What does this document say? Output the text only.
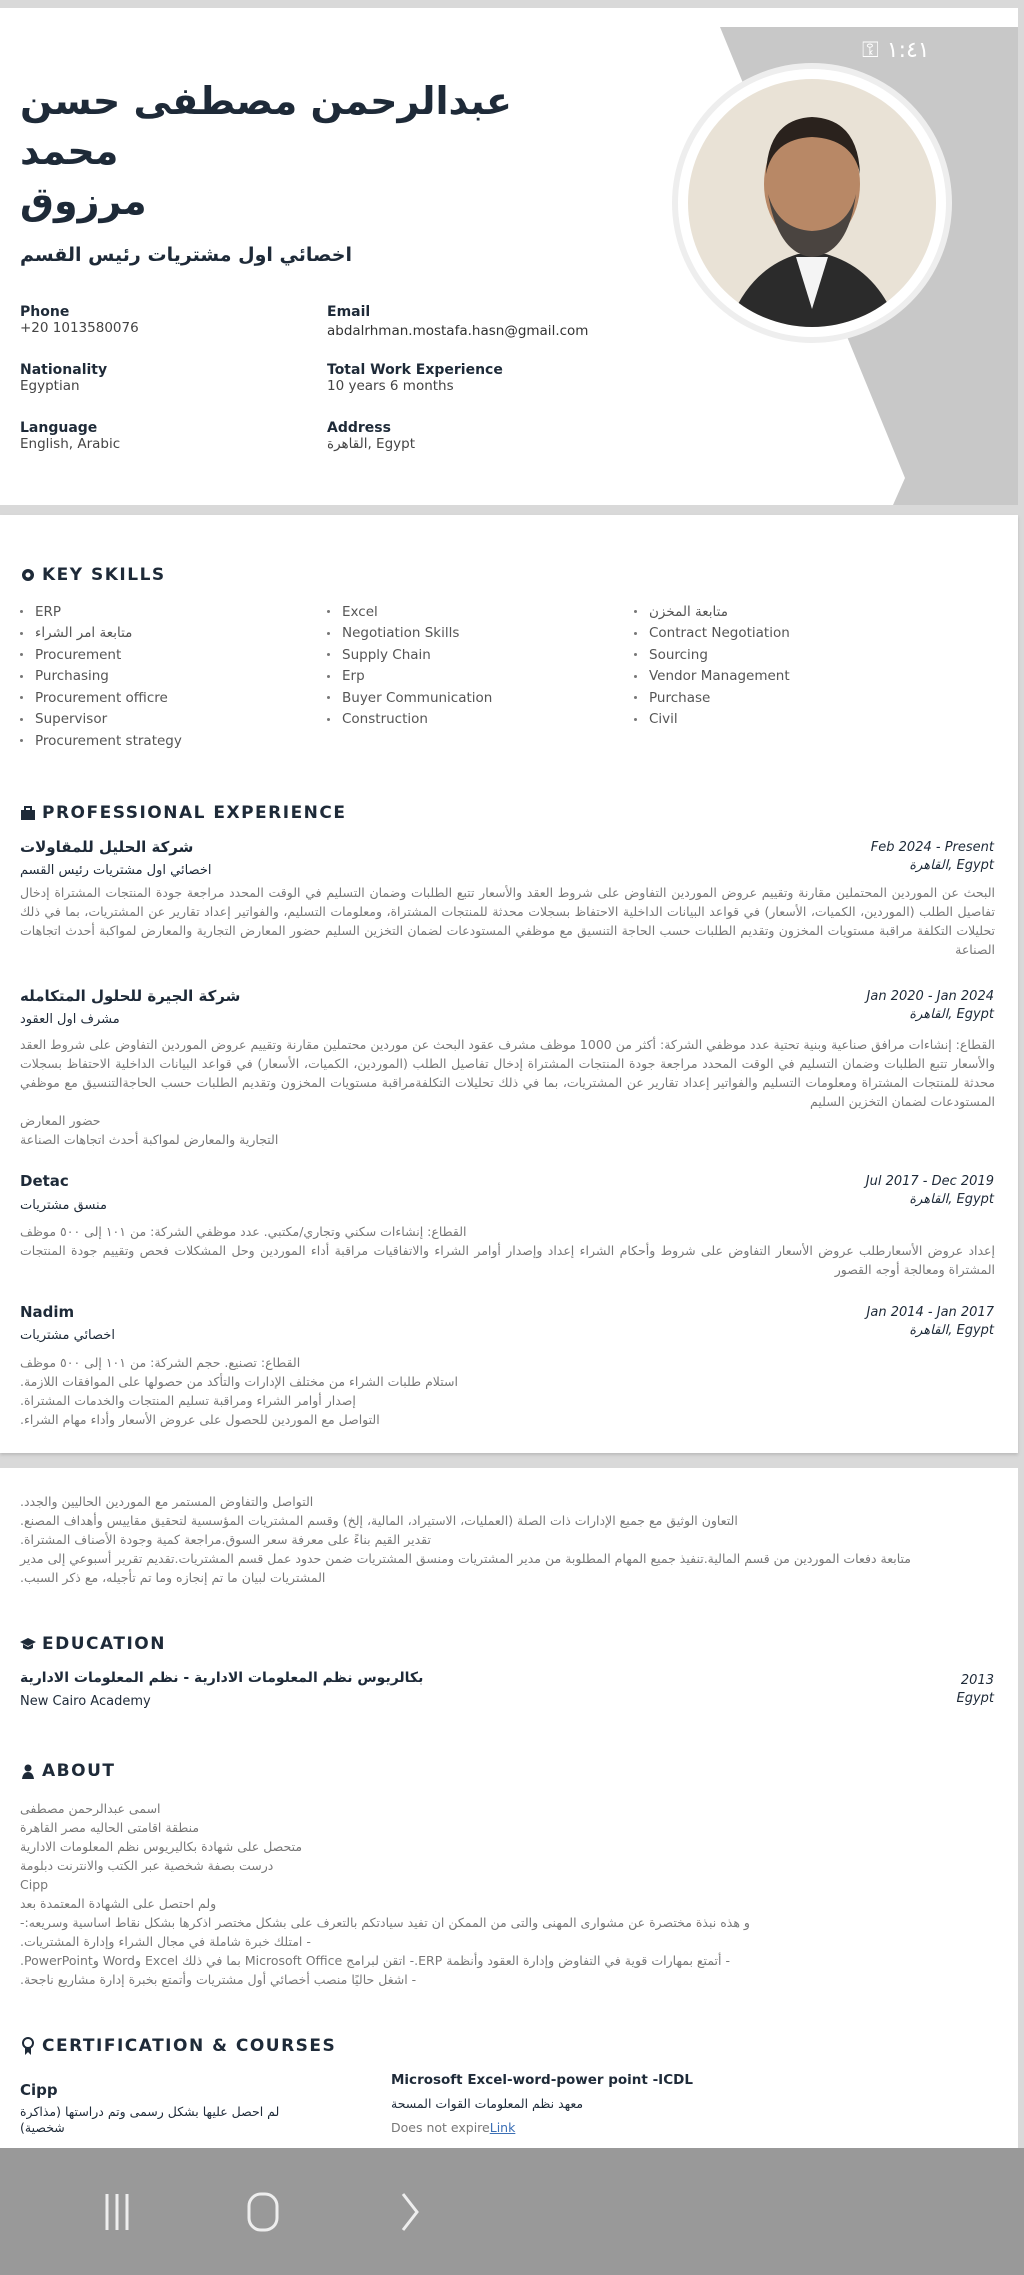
⚿ ١:٤١
عبدالرحمن مصطفى حسن
محمد
مرزوق
اخصائي اول مشتريات رئيس القسم
Phone
+20 1013580076
Email
abdalrhman.mostafa.hasn@gmail.com
Nationality
Egyptian
Total Work Experience
10 years 6 months
Language
English, Arabic
Address
القاهرة, Egypt
KEY SKILLS
ERP
متابعة امر الشراء
Procurement
Purchasing
Procurement officre
Supervisor
Procurement strategy
Excel
Negotiation Skills
Supply Chain
Erp
Buyer Communication
Construction
متابعة المخزن
Contract Negotiation
Sourcing
Vendor Management
Purchase
Civil
PROFESSIONAL EXPERIENCE
شركة الحليل للمقاولات
اخصائي اول مشتريات رئيس القسم
Feb 2024 - Present
القاهرة, Egypt
البحث عن الموردين المحتملين مقارنة وتقييم عروض الموردين التفاوض على شروط العقد والأسعار تتبع الطلبات وضمان التسليم في الوقت المحدد مراجعة جودة المنتجات المشتراة إدخال تفاصيل الطلب (الموردين، الكميات، الأسعار) في قواعد البيانات الداخلية الاحتفاظ بسجلات محدثة للمنتجات المشتراة، ومعلومات التسليم، والفواتير إعداد تقارير عن المشتريات، بما في ذلك تحليلات التكلفة مراقبة مستويات المخزون وتقديم الطلبات حسب الحاجة التنسيق مع موظفي المستودعات لضمان التخزين السليم حضور المعارض التجارية والمعارض لمواكبة أحدث اتجاهات الصناعة
شركة الجيرة للحلول المتكامله
مشرف اول العقود
Jan 2020 - Jan 2024
القاهرة, Egypt
القطاع: إنشاءات مرافق صناعية وبنية تحتية عدد موظفي الشركة: أكثر من 1000 موظف مشرف عقود البحث عن موردين محتملين مقارنة وتقييم عروض الموردين التفاوض على شروط العقد والأسعار تتبع الطلبات وضمان التسليم في الوقت المحدد مراجعة جودة المنتجات المشتراة إدخال تفاصيل الطلب (الموردين، الكميات، الأسعار) في قواعد البيانات الداخلية الاحتفاظ بسجلات محدثة للمنتجات المشتراة ومعلومات التسليم والفواتير إعداد تقارير عن المشتريات، بما في ذلك تحليلات التكلفةمراقبة مستويات المخزون وتقديم الطلبات حسب الحاجةالتنسيق مع موظفي المستودعات لضمان التخزين السليم
حضور المعارض
التجارية والمعارض لمواكبة أحدث اتجاهات الصناعة
Detac
منسق مشتريات
Jul 2017 - Dec 2019
القاهرة, Egypt
القطاع: إنشاءات سكني وتجاري/مكتبي. عدد موظفي الشركة: من ١٠١ إلى ٥٠٠ موظف
إعداد عروض الأسعارطلب عروض الأسعار التفاوض على شروط وأحكام الشراء إعداد وإصدار أوامر الشراء والاتفاقيات مراقبة أداء الموردين وحل المشكلات فحص وتقييم جودة المنتجات المشتراة ومعالجة أوجه القصور
Nadim
اخصائي مشتريات
Jan 2014 - Jan 2017
القاهرة, Egypt
القطاع: تصنيع. حجم الشركة: من ١٠١ إلى ٥٠٠ موظف
استلام طلبات الشراء من مختلف الإدارات والتأكد من حصولها على الموافقات اللازمة.
إصدار أوامر الشراء ومراقبة تسليم المنتجات والخدمات المشتراة.
التواصل مع الموردين للحصول على عروض الأسعار وأداء مهام الشراء.
التواصل والتفاوض المستمر مع الموردين الحاليين والجدد.
التعاون الوثيق مع جميع الإدارات ذات الصلة (العمليات، الاستيراد، المالية، إلخ) وقسم المشتريات المؤسسية لتحقيق مقاييس وأهداف المصنع.
تقدير القيم بناءً على معرفة سعر السوق.مراجعة كمية وجودة الأصناف المشتراة.
متابعة دفعات الموردين من قسم المالية.تنفيذ جميع المهام المطلوبة من مدير المشتريات ومنسق المشتريات ضمن حدود عمل قسم المشتريات.تقديم تقرير أسبوعي إلى مدير
المشتريات لبيان ما تم إنجازه وما تم تأجيله، مع ذكر السبب.
EDUCATION
بكالريوس نظم المعلومات الادارية - نظم المعلومات الادارية
New Cairo Academy
2013
Egypt
ABOUT
اسمى عبدالرحمن مصطفى
منطقة اقامتى الحاليه مصر القاهرة
متحصل على شهادة بكاليريوس نظم المعلومات الادارية
درست بصفة شخصية عبر الكتب والانترنت دبلومة
Cipp
ولم احتصل على الشهادة المعتمدة بعد
و هذه نبذة مختصرة عن مشوارى المهنى والتى من الممكن ان تفيد سيادتكم بالتعرف على بشكل مختصر اذكرها بشكل نقاط اساسية وسريعه:-
- امتلك خبرة شاملة في مجال الشراء وإدارة المشتريات.
- أتمتع بمهارات قوية في التفاوض وإدارة العقود وأنظمة ERP.- اتقن لبرامج Microsoft Office بما في ذلك Excel وWord وPowerPoint.
- اشغل حاليًا منصب أخصائي أول مشتريات وأتمتع بخبرة إدارة مشاريع ناجحة.
CERTIFICATION & COURSES
Cipp
لم احصل عليها بشكل رسمى وتم دراستها (مذاكرة شخصية)
Microsoft Excel-word-power point -ICDL
معهد نظم المعلومات القوات المسحة
Does not expireLink
